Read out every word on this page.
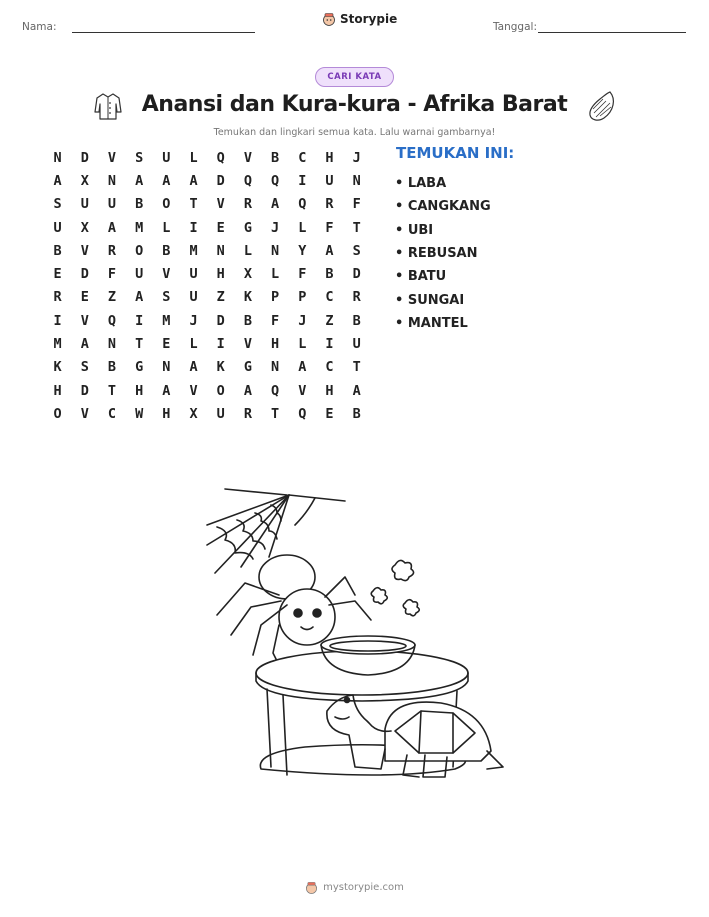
Nama:
Storypie
Tanggal:
CARI KATA
Anansi dan Kura-kura - Afrika Barat
Temukan dan lingkari semua kata. Lalu warnai gambarnya!
N	D	V	S	U	L	Q	V	B	C	H	J
A	X	N	A	A	A	D	Q	Q	I	U	N
S	U	U	B	O	T	V	R	A	Q	R	F
U	X	A	M	L	I	E	G	J	L	F	T
B	V	R	O	B	M	N	L	N	Y	A	S
E	D	F	U	V	U	H	X	L	F	B	D
R	E	Z	A	S	U	Z	K	P	P	C	R
I	V	Q	I	M	J	D	B	F	J	Z	B
M	A	N	T	E	L	I	V	H	L	I	U
K	S	B	G	N	A	K	G	N	A	C	T
H	D	T	H	A	V	O	A	Q	V	H	A
O	V	C	W	H	X	U	R	T	Q	E	B
TEMUKAN INI:
• LABA
• CANGKANG
• UBI
• REBUSAN
• BATU
• SUNGAI
• MANTEL
mystorypie.com
